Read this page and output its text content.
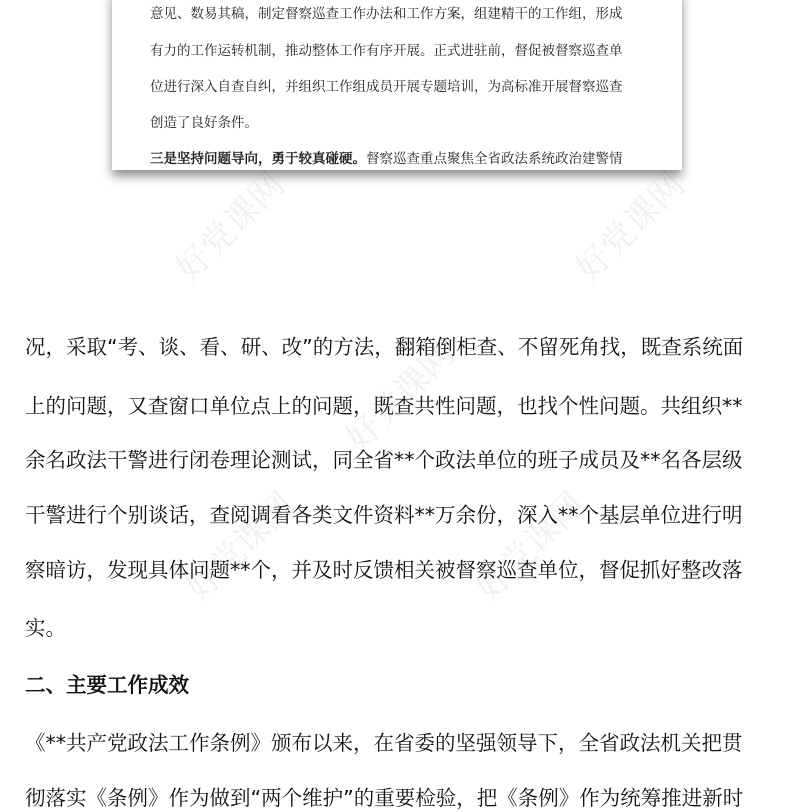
意见、数易其稿，制定督察巡查工作办法和工作方案，组建精干的工作组，形成

有力的工作运转机制，推动整体工作有序开展。正式进驻前，督促被督察巡查单

位进行深入自查自纠，并组织工作组成员开展专题培训，为高标准开展督察巡查

创造了良好条件。

三是坚持问题导向，勇于较真碰硬。督察巡查重点聚焦全省政法系统政治建警情

好党课网	好党课网
好党课网
好党课网	好党课网

况，采取“考、谈、看、研、改”的方法，翻箱倒柜查、不留死角找，既查系统面

上的问题，又查窗口单位点上的问题，既查共性问题，也找个性问题。共组织**

余名政法干警进行闭卷理论测试，同全省**个政法单位的班子成员及**名各层级

干警进行个别谈话，查阅调看各类文件资料**万余份，深入**个基层单位进行明

察暗访，发现具体问题**个，并及时反馈相关被督察巡查单位，督促抓好整改落

实。

二、主要工作成效

《**共产党政法工作条例》颁布以来，在省委的坚强领导下，全省政法机关把贯

彻落实《条例》作为做到“两个维护”的重要检验，把《条例》作为统筹推进新时
